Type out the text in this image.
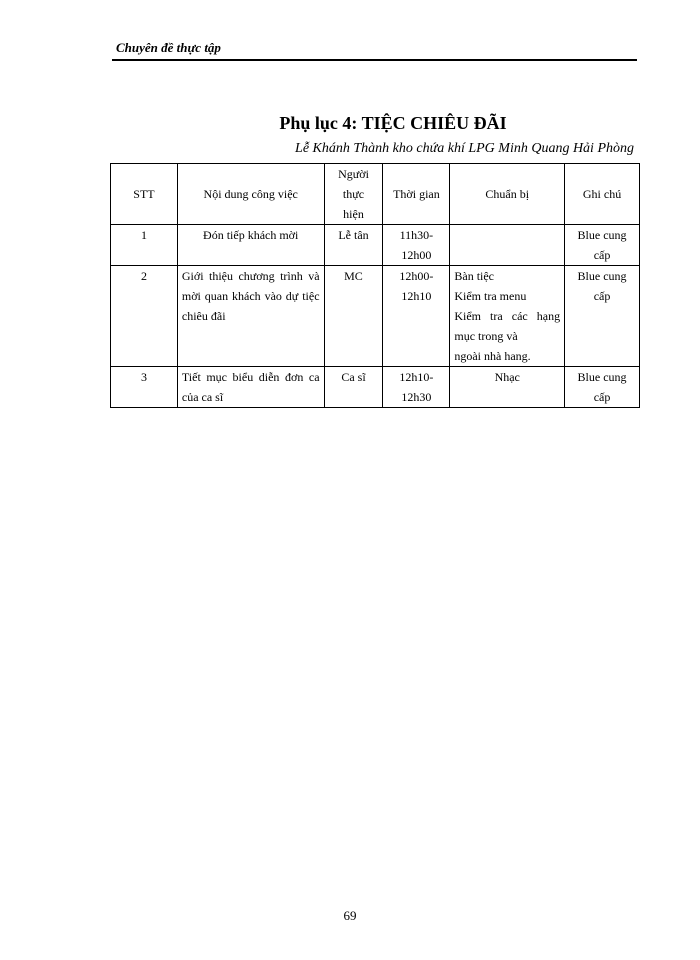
Chuyên đề thực tập
Phụ lục 4: TIỆC CHIÊU ĐÃI
Lễ Khánh Thành kho chứa khí LPG Minh Quang Hải Phòng
STT	Nội dung công việc	Người
thực
hiện	Thời gian	Chuẩn bị	Ghi chú
1	Đón tiếp khách mời	Lễ tân	11h30-
12h00		Blue cung
cấp

2	Giới thiệu chương trình và mời quan khách vào dự tiệc chiêu đãi	MC	12h00-
12h10	Bàn tiệc
Kiểm tra menu
Kiểm tra các hạng mục trong và
ngoài nhà hang.	Blue cung
cấp

3	Tiết mục biểu diễn đơn ca của ca sĩ	Ca sĩ	12h10-
12h30	Nhạc	Blue cung
cấp
69
